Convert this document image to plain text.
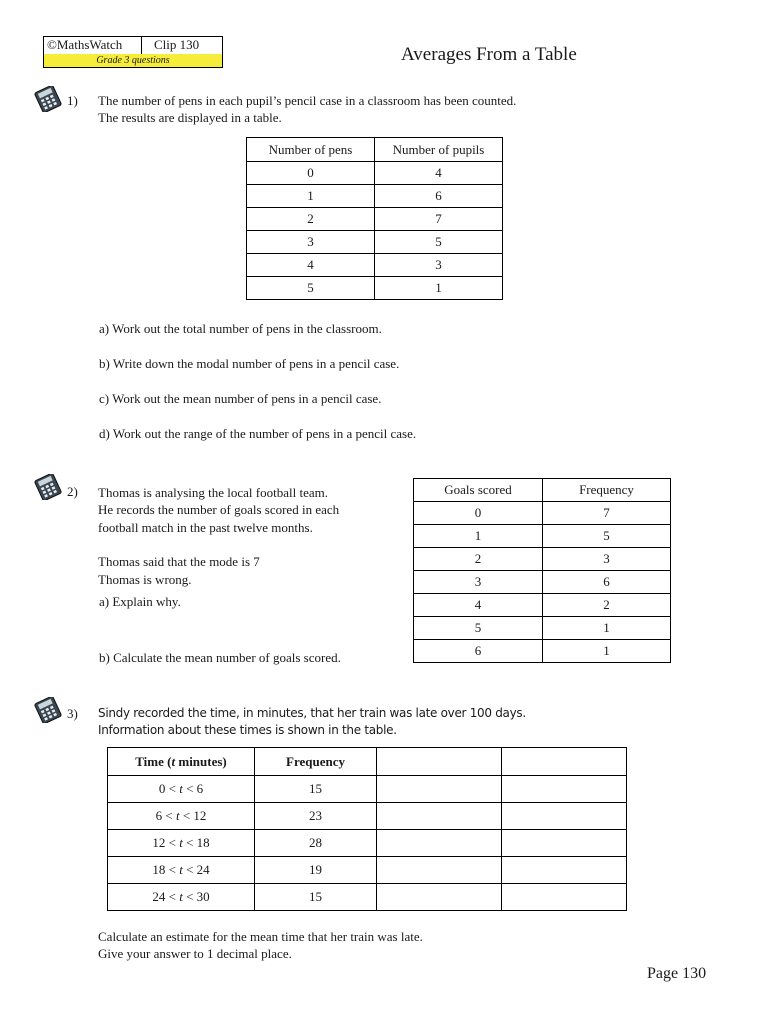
©MathsWatch Clip 130
Grade 3 questions	Averages From a Table
1) The number of pens in each pupil’s pencil case in a classroom has been counted.
The results are displayed in a table.
Number of pens	Number of pupils
0	4
1	6
2	7
3	5
4	3
5	1
a) Work out the total number of pens in the classroom.
b) Write down the modal number of pens in a pencil case.
c) Work out the mean number of pens in a pencil case.
d) Work out the range of the number of pens in a pencil case.
2) Thomas is analysing the local football team.
He records the number of goals scored in each
football match in the past twelve months.
Thomas said that the mode is 7
Thomas is wrong.
a) Explain why.
b) Calculate the mean number of goals scored.
Goals scored	Frequency
0	7
1	5
2	3
3	6
4	2
5	1
6	1
3) Sindy recorded the time, in minutes, that her train was late over 100 days.
Information about these times is shown in the table.
Time (t minutes)	Frequency		
0 < t < 6	15		
6 < t < 12	23		
12 < t < 18	28		
18 < t < 24	19		
24 < t < 30	15		
Calculate an estimate for the mean time that her train was late.
Give your answer to 1 decimal place.
Page 130
